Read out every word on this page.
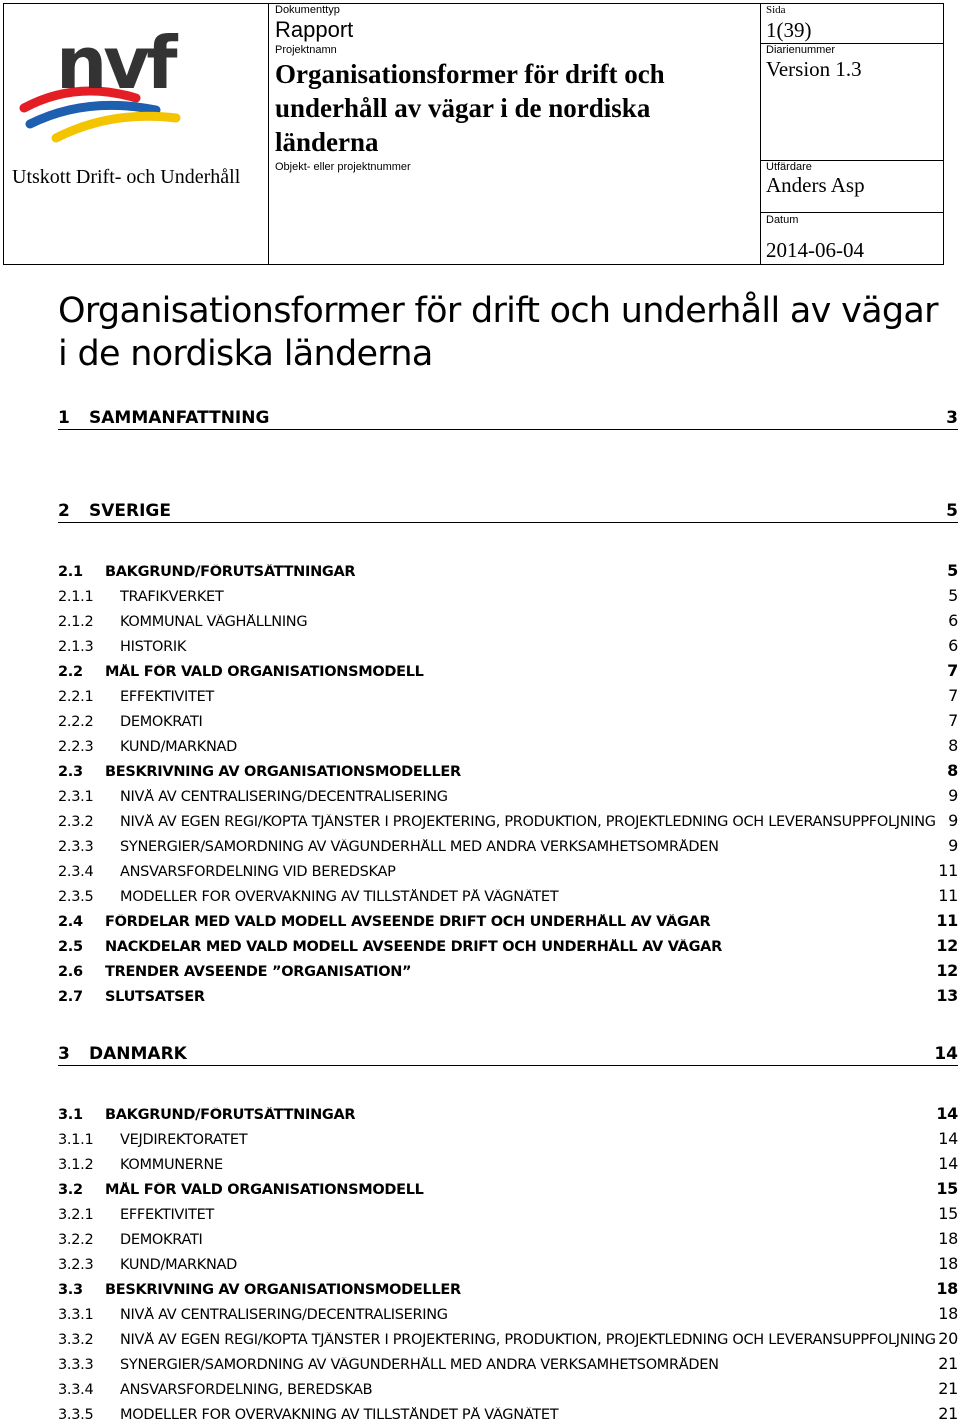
nvf
Utskott Drift- och Underhåll
Dokumenttyp
Rapport
Projektnamn
Organisationsformer för drift och underhåll av vägar i de nordiska länderna
Objekt- eller projektnummer
Sida
1(39)
Diarienummer
Version 1.3
Utfärdare
Anders Asp
Datum
2014-06-04
Organisationsformer för drift och underhåll av vägar i de nordiska länderna
1	SAMMANFATTNING	3
2	SVERIGE	5
2.1	BAKGRUND/FÖRUTSÄTTNINGAR	5
2.1.1	TRAFIKVERKET	5
2.1.2	KOMMUNAL VÄGHÅLLNING	6
2.1.3	HISTORIK	6
2.2	MÅL FÖR VALD ORGANISATIONSMODELL	7
2.2.1	EFFEKTIVITET	7
2.2.2	DEMOKRATI	7
2.2.3	KUND/MARKNAD	8
2.3	BESKRIVNING AV ORGANISATIONSMODELLER	8
2.3.1	NIVÅ AV CENTRALISERING/DECENTRALISERING	9
2.3.2	NIVÅ AV EGEN REGI/KÖPTA TJÄNSTER I PROJEKTERING, PRODUKTION, PROJEKTLEDNING OCH LEVERANSUPPFÖLJNING 9
2.3.3	SYNERGIER/SAMORDNING AV VÄGUNDERHÅLL MED ANDRA VERKSAMHETSOMRÅDEN	9
2.3.4	ANSVARSFÖRDELNING VID BEREDSKAP	11
2.3.5	MODELLER FÖR ÖVERVAKNING AV TILLSTÅNDET PÅ VÄGNÄTET	11
2.4	FÖRDELAR MED VALD MODELL AVSEENDE DRIFT OCH UNDERHÅLL AV VÄGAR	11
2.5	NACKDELAR MED VALD MODELL AVSEENDE DRIFT OCH UNDERHÅLL AV VÄGAR	12
2.6	TRENDER AVSEENDE ”ORGANISATION”	12
2.7	SLUTSATSER	13
3	DANMARK	14
3.1	BAKGRUND/FÖRUTSÄTTNINGAR	14
3.1.1	VEJDIREKTORATET	14
3.1.2	KOMMUNERNE	14
3.2	MÅL FÖR VALD ORGANISATIONSMODELL	15
3.2.1	EFFEKTIVITET	15
3.2.2	DEMOKRATI	18
3.2.3	KUND/MARKNAD	18
3.3	BESKRIVNING AV ORGANISATIONSMODELLER	18
3.3.1	NIVÅ AV CENTRALISERING/DECENTRALISERING	18
3.3.2	NIVÅ AV EGEN REGI/KÖPTA TJÄNSTER I PROJEKTERING, PRODUKTION, PROJEKTLEDNING OCH LEVERANSUPPFÖLJNING 20
3.3.3	SYNERGIER/SAMORDNING AV VÄGUNDERHÅLL MED ANDRA VERKSAMHETSOMRÅDEN	21
3.3.4	ANSVARSFÖRDELNING, BEREDSKAB	21
3.3.5	MODELLER FÖR ÖVERVAKNING AV TILLSTÅNDET PÅ VÄGNÄTET	21
